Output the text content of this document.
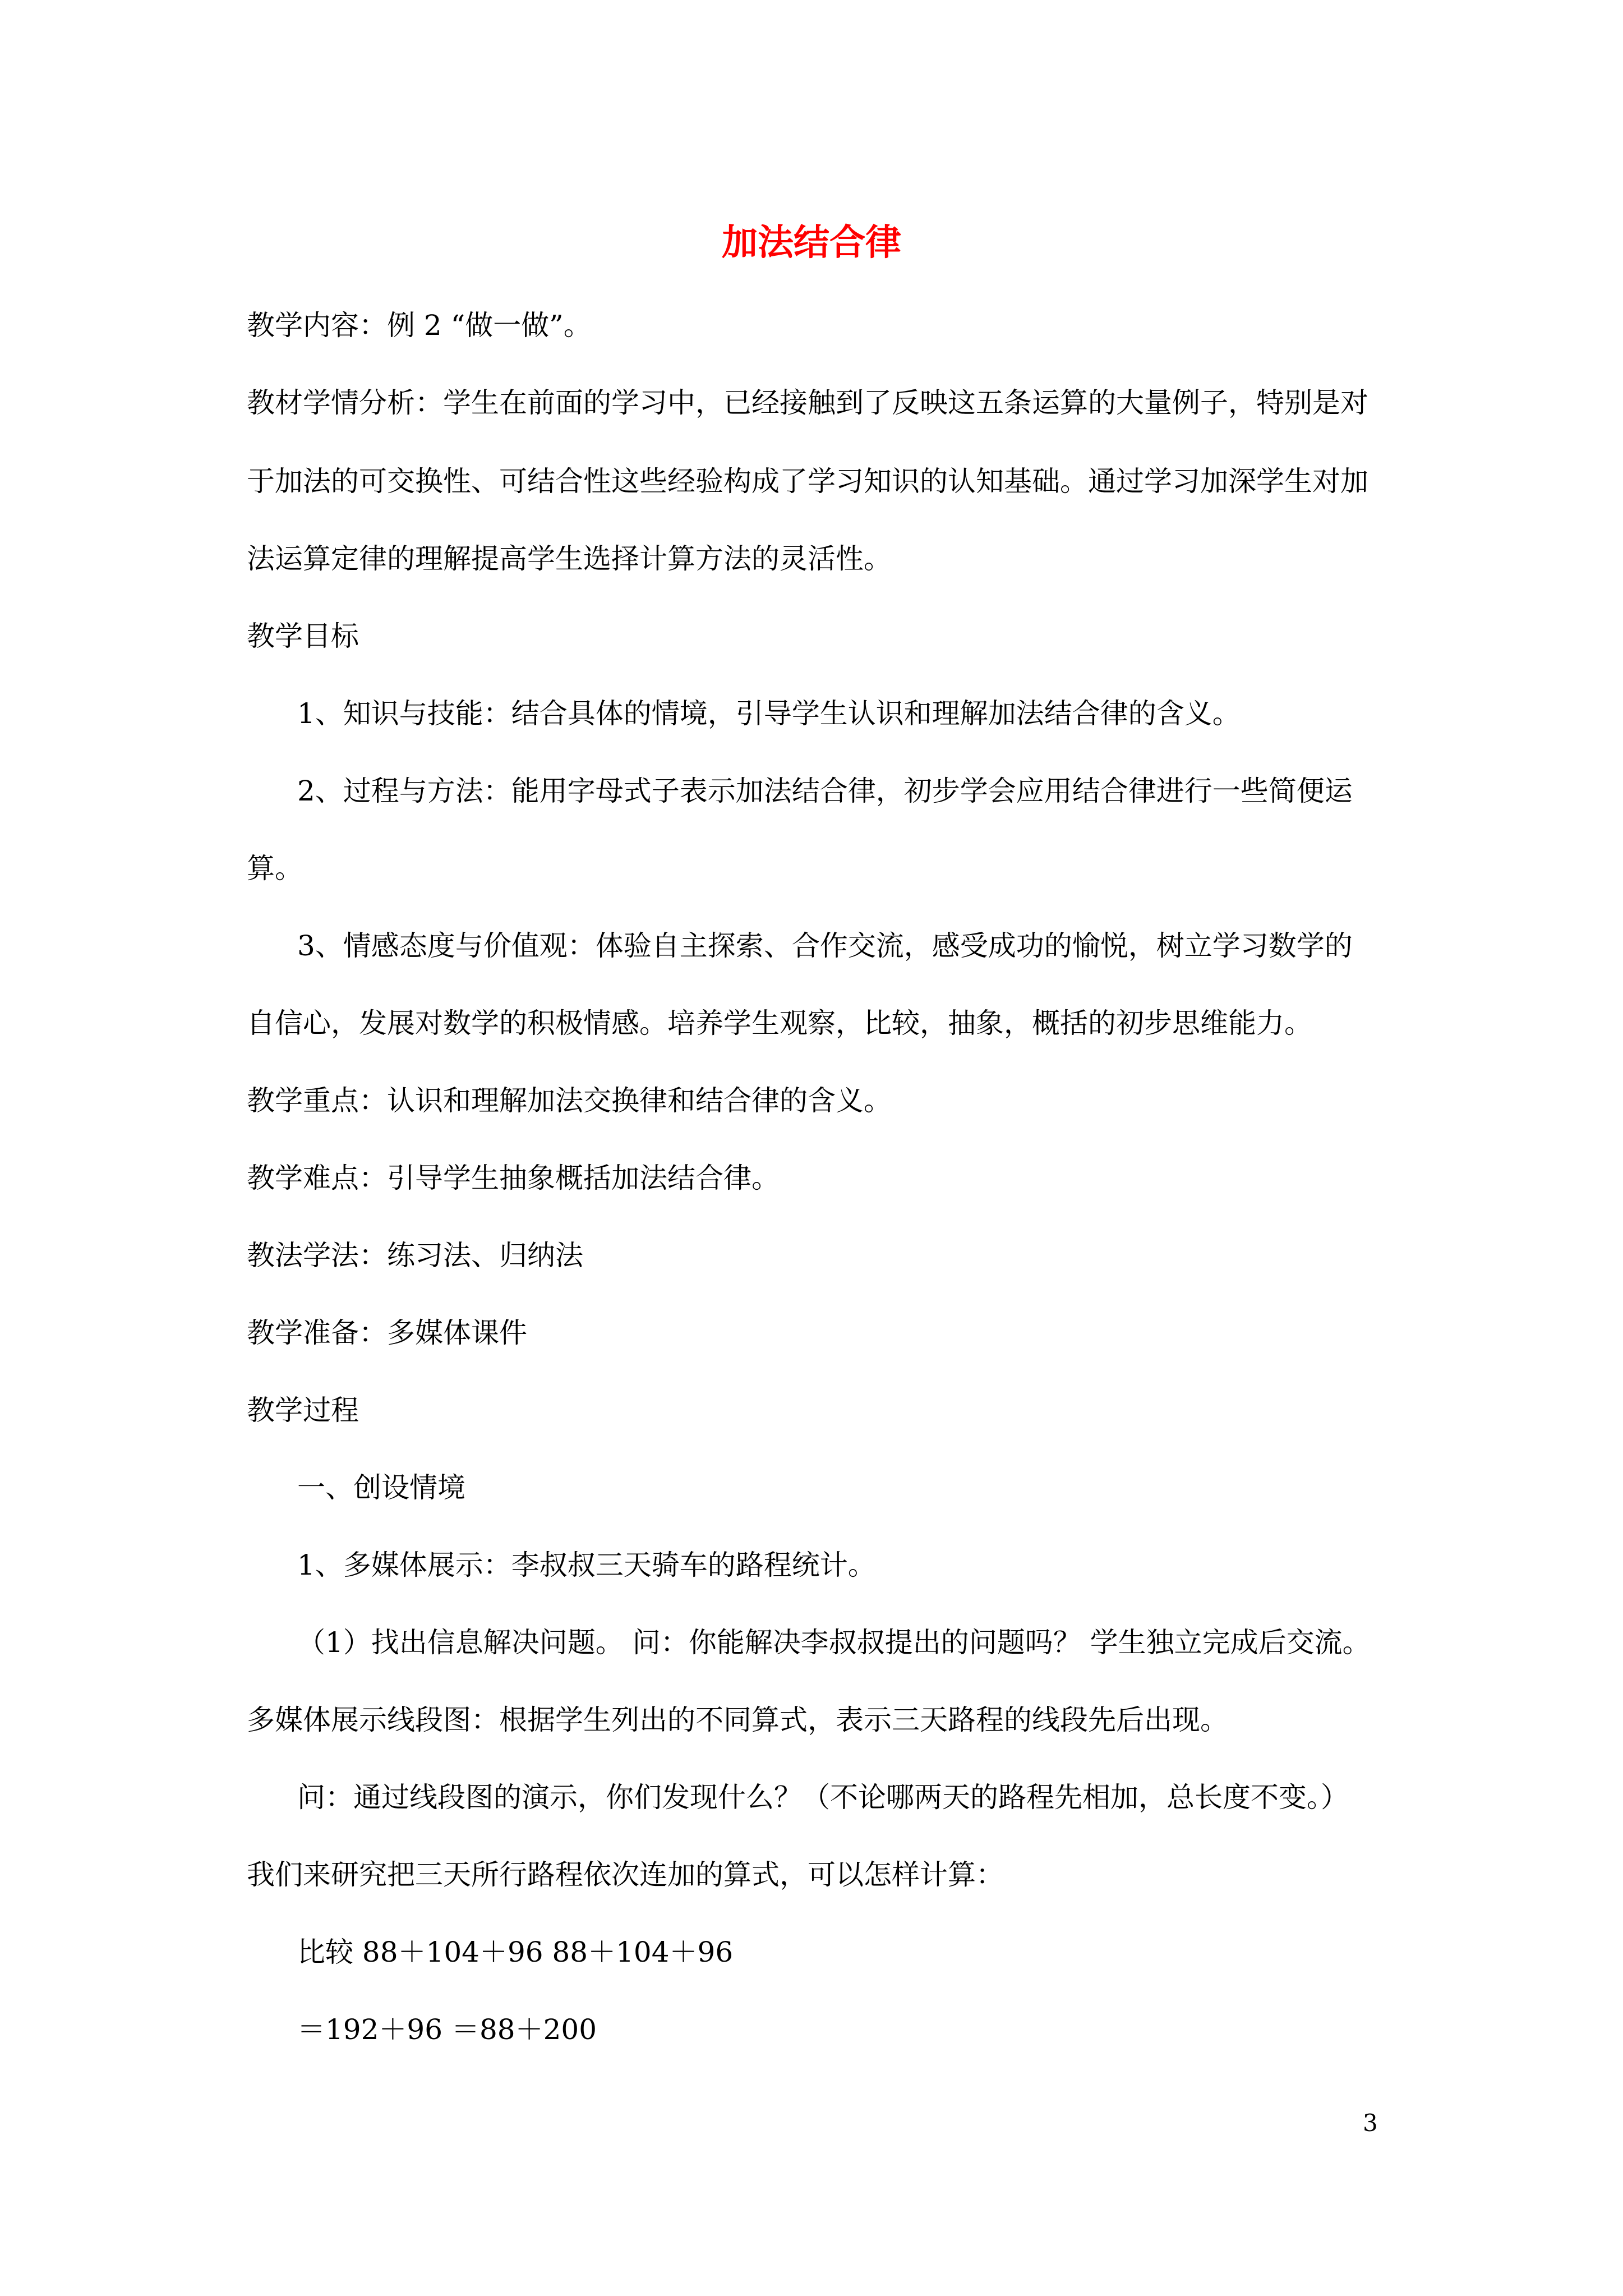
加法结合律
教学内容：例 2 “做一做”。
教材学情分析：学生在前面的学习中，已经接触到了反映这五条运算的大量例子，特别是对
于加法的可交换性、可结合性这些经验构成了学习知识的认知基础。通过学习加深学生对加
法运算定律的理解提高学生选择计算方法的灵活性。
教学目标
1、知识与技能：结合具体的情境，引导学生认识和理解加法结合律的含义。
2、过程与方法：能用字母式子表示加法结合律，初步学会应用结合律进行一些简便运
算。
3、情感态度与价值观：体验自主探索、合作交流，感受成功的愉悦，树立学习数学的
自信心，发展对数学的积极情感。培养学生观察，比较，抽象，概括的初步思维能力。
教学重点：认识和理解加法交换律和结合律的含义。
教学难点：引导学生抽象概括加法结合律。
教法学法：练习法、归纳法
教学准备：多媒体课件
教学过程
一、创设情境
1、多媒体展示：李叔叔三天骑车的路程统计。
（1）找出信息解决问题。 问：你能解决李叔叔提出的问题吗？ 学生独立完成后交流。
多媒体展示线段图：根据学生列出的不同算式，表示三天路程的线段先后出现。
问：通过线段图的演示，你们发现什么？（不论哪两天的路程先相加，总长度不变。）
我们来研究把三天所行路程依次连加的算式，可以怎样计算：
比较 88＋104＋96 88＋104＋96
＝192＋96 ＝88＋200
3
